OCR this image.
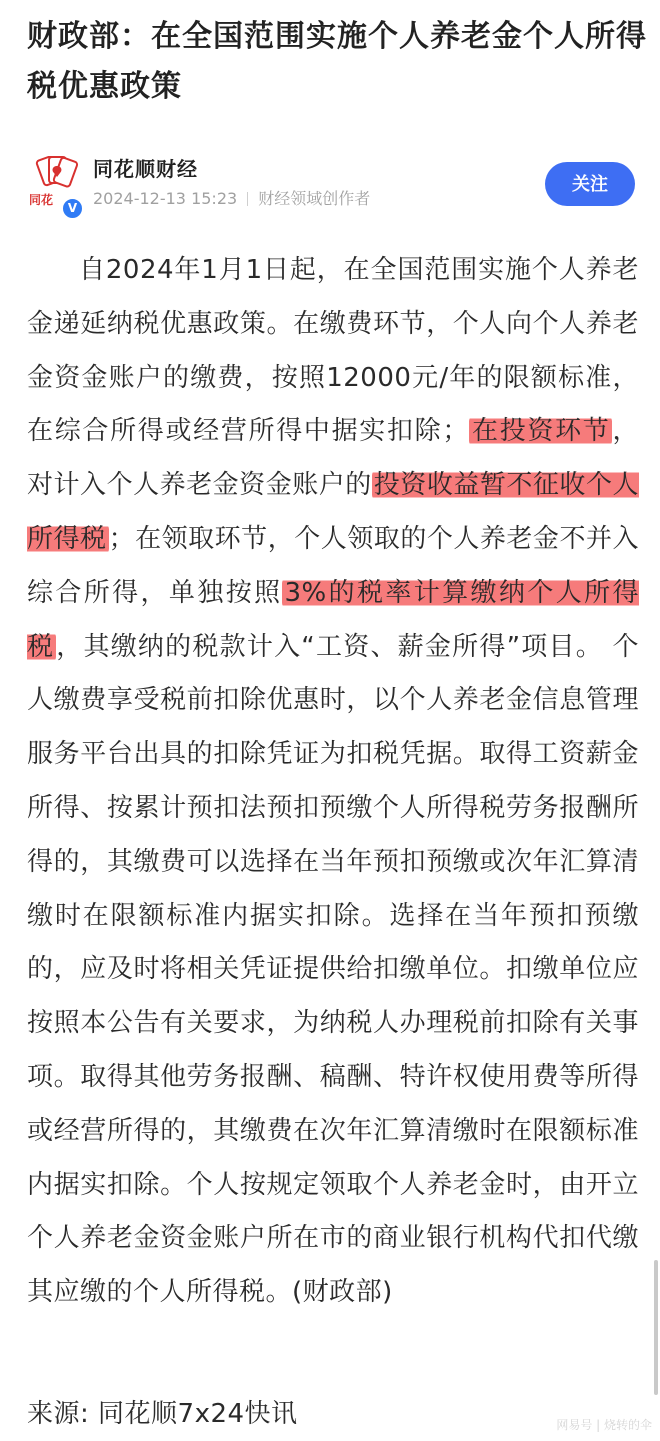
财政部：在全国范围实施个人养老金个人所得税优惠政策
同花
V
同花顺财经
2024-12-13 15:23 财经领域创作者
关注

自2024年1月1日起，在全国范围实施个人养老金递延纳税优惠政策。在缴费环节，个人向个人养老金资金账户的缴费，按照12000元/年的限额标准，在综合所得或经营所得中据实扣除；在投资环节，对计入个人养老金资金账户的投资收益暂不征收个人所得税；在领取环节，个人领取的个人养老金不并入综合所得，单独按照3%的税率计算缴纳个人所得税，其缴纳的税款计入“工资、薪金所得”项目。 个人缴费享受税前扣除优惠时，以个人养老金信息管理服务平台出具的扣除凭证为扣税凭据。取得工资薪金所得、按累计预扣法预扣预缴个人所得税劳务报酬所得的，其缴费可以选择在当年预扣预缴或次年汇算清缴时在限额标准内据实扣除。选择在当年预扣预缴的，应及时将相关凭证提供给扣缴单位。扣缴单位应按照本公告有关要求，为纳税人办理税前扣除有关事项。取得其他劳务报酬、稿酬、特许权使用费等所得或经营所得的，其缴费在次年汇算清缴时在限额标准内据实扣除。个人按规定领取个人养老金时，由开立个人养老金资金账户所在市的商业银行机构代扣代缴其应缴的个人所得税。(财政部)

来源: 同花顺7x24快讯	网易号 | 烧转的伞
